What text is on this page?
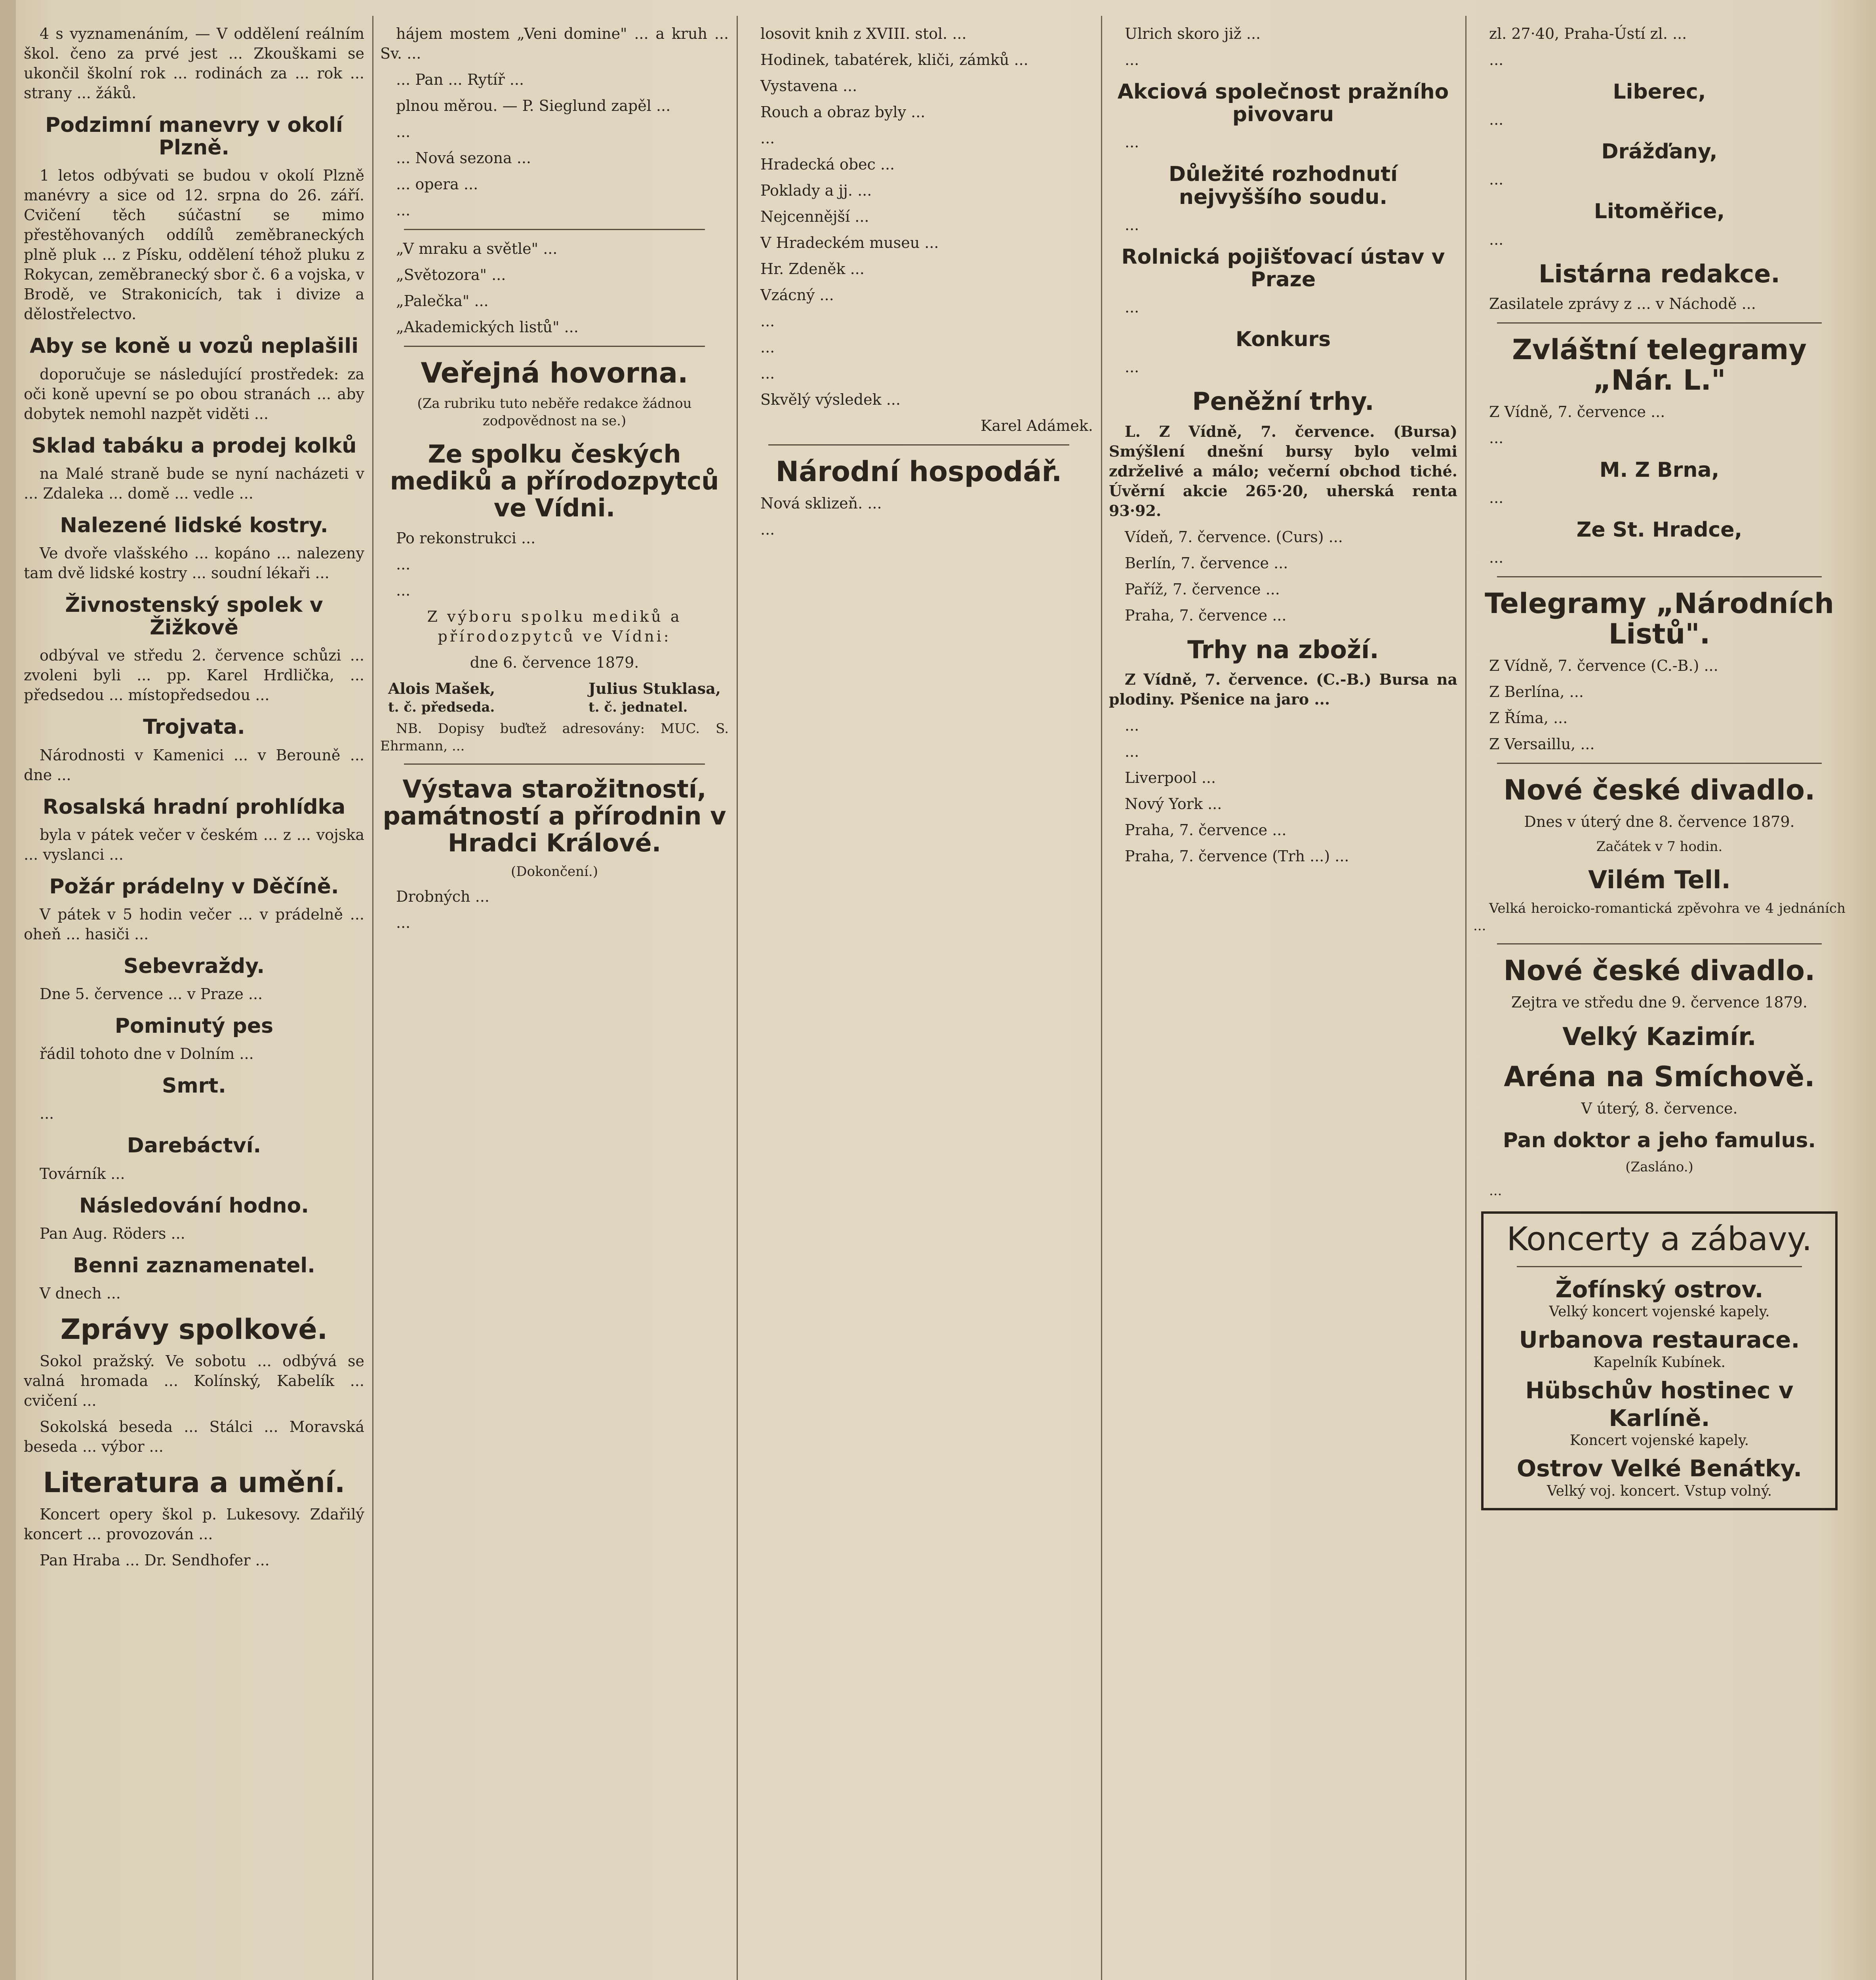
4 s vyznamenáním, — V oddělení reálním škol. čeno za prvé jest ... Zkouškami se ukončil školní rok ... rodinách za ... rok ... strany ... žáků.

Podzimní manevry v okolí Plzně.

1 letos odbývati se budou v okolí Plzně manévry a sice od 12. srpna do 26. září. Cvičení těch súčastní se mimo přestěhovaných oddílů zeměbraneckých plně pluk ... z Písku, oddělení téhož pluku z Rokycan, zeměbranecký sbor č. 6 a vojska, v Brodě, ve Strakonicích, tak i divize a dělostřelectvo.

Aby se koně u vozů neplašili

doporučuje se následující prostředek: za oči koně upevní se po obou stranách ... aby dobytek nemohl nazpět viděti ...

Sklad tabáku a prodej kolků

na Malé straně bude se nyní nacházeti v ... Zdaleka ... domě ... vedle ...

Nalezené lidské kostry.

Ve dvoře vlašského ... kopáno ... nalezeny tam dvě lidské kostry ... soudní lékaři ...

Živnostenský spolek v Žižkově

odbýval ve středu 2. července schůzi ... zvoleni byli ... pp. Karel Hrdlička, ... předsedou ... místopředsedou ...

Trojvata.

Národnosti v Kamenici ... v Berouně ... dne ...

Rosalská hradní prohlídka

byla v pátek večer v českém ... z ... vojska ... vyslanci ...

Požár prádelny v Děčíně.

V pátek v 5 hodin večer ... v prádelně ... oheň ... hasiči ...

Sebevraždy.

Dne 5. července ... v Praze ...

Pominutý pes

řádil tohoto dne v Dolním ...

Smrt.

...

Darebáctví.

Továrník ...

Následování hodno.

Pan Aug. Röders ...

Benni zaznamenatel.

V dnech ...

Zprávy spolkové.

Sokol pražský. Ve sobotu ... odbývá se valná hromada ... Kolínský, Kabelík ... cvičení ...

Sokolská beseda ... Stálci ... Moravská beseda ... výbor ...

Literatura a umění.

Koncert opery škol p. Lukesovy. Zdařilý koncert ... provozován ...

Pan Hraba ... Dr. Sendhofer ...

hájem mostem „Veni domine" ... a kruh ... Sv. ...

... Pan ... Rytíř ...

plnou měrou. — P. Sieglund zapěl ...

...

... Nová sezona ...

... opera ...

...

„V mraku a světle" ...

„Světozora" ...

„Palečka" ...

„Akademických listů" ...

Veřejná hovorna.

(Za rubriku tuto neběře redakce žádnou zodpovědnost na se.)

Ze spolku českých mediků a přírodozpytců ve Vídni.

Po rekonstrukci ...

...

...

Z výboru spolku mediků a přírodozpytců ve Vídni:

dne 6. července 1879.

Alois Mašek,
t. č. předseda.
Julius Stuklasa,
t. č. jednatel.

NB. Dopisy buďtež adresovány: MUC. S. Ehrmann, ...

Výstava starožitností, památností a přírodnin v Hradci Králové.

(Dokončení.)

Drobných ...

...

losovit knih z XVIII. stol. ...

Hodinek, tabatérek, kliči, zámků ...

Vystavena ...

Rouch a obraz byly ...

...

Hradecká obec ...

Poklady a jj. ...

Nejcennější ...

V Hradeckém museu ...

Hr. Zdeněk ...

Vzácný ...

...

...

...

Skvělý výsledek ...

Karel Adámek.

Národní hospodář.

Nová sklizeň. ...

...

Ulrich skoro již ...

...

Akciová společnost pražního pivovaru

...

Důležité rozhodnutí nejvyššího soudu.

...

Rolnická pojišťovací ústav v Praze

...

Konkurs

...

Peněžní trhy.

L. Z Vídně, 7. července. (Bursa) Smýšlení dnešní bursy bylo velmi zdrželivé a málo; večerní obchod tiché. Úvěrní akcie 265·20, uherská renta 93·92.

Vídeň, 7. července. (Curs) ...

Berlín, 7. července ...

Paříž, 7. července ...

Praha, 7. července ...

Trhy na zboží.

Z Vídně, 7. července. (C.-B.) Bursa na plodiny. Pšenice na jaro ...

...

...

Liverpool ...

Nový York ...

Praha, 7. července ...

Praha, 7. července (Trh ...) ...

zl. 27·40, Praha-Ústí zl. ...

...

Liberec,

...

Drážďany,

...

Litoměřice,

...

Listárna redakce.

Zasilatele zprávy z ... v Náchodě ...

Zvláštní telegramy „Nár. L."

Z Vídně, 7. července ...

...

M. Z Brna,

...

Ze St. Hradce,

...

Telegramy „Národních Listů".

Z Vídně, 7. července (C.-B.) ...

Z Berlína, ...

Z Říma, ...

Z Versaillu, ...

Nové české divadlo.

Dnes v úterý dne 8. července 1879.

Začátek v 7 hodin.

Vilém Tell.

Velká heroicko-romantická zpěvohra ve 4 jednáních ...

Nové české divadlo.

Zejtra ve středu dne 9. července 1879.

Velký Kazimír.
Aréna na Smíchově.

V úterý, 8. července.

Pan doktor a jeho famulus.

(Zasláno.)

...

Koncerty a zábavy.
Žofínský ostrov.
Velký koncert vojenské kapely.
Urbanova restaurace.
Kapelník Kubínek.
Hübschův hostinec v Karlíně.
Koncert vojenské kapely.
Ostrov Velké Benátky.
Velký voj. koncert. Vstup volný.
